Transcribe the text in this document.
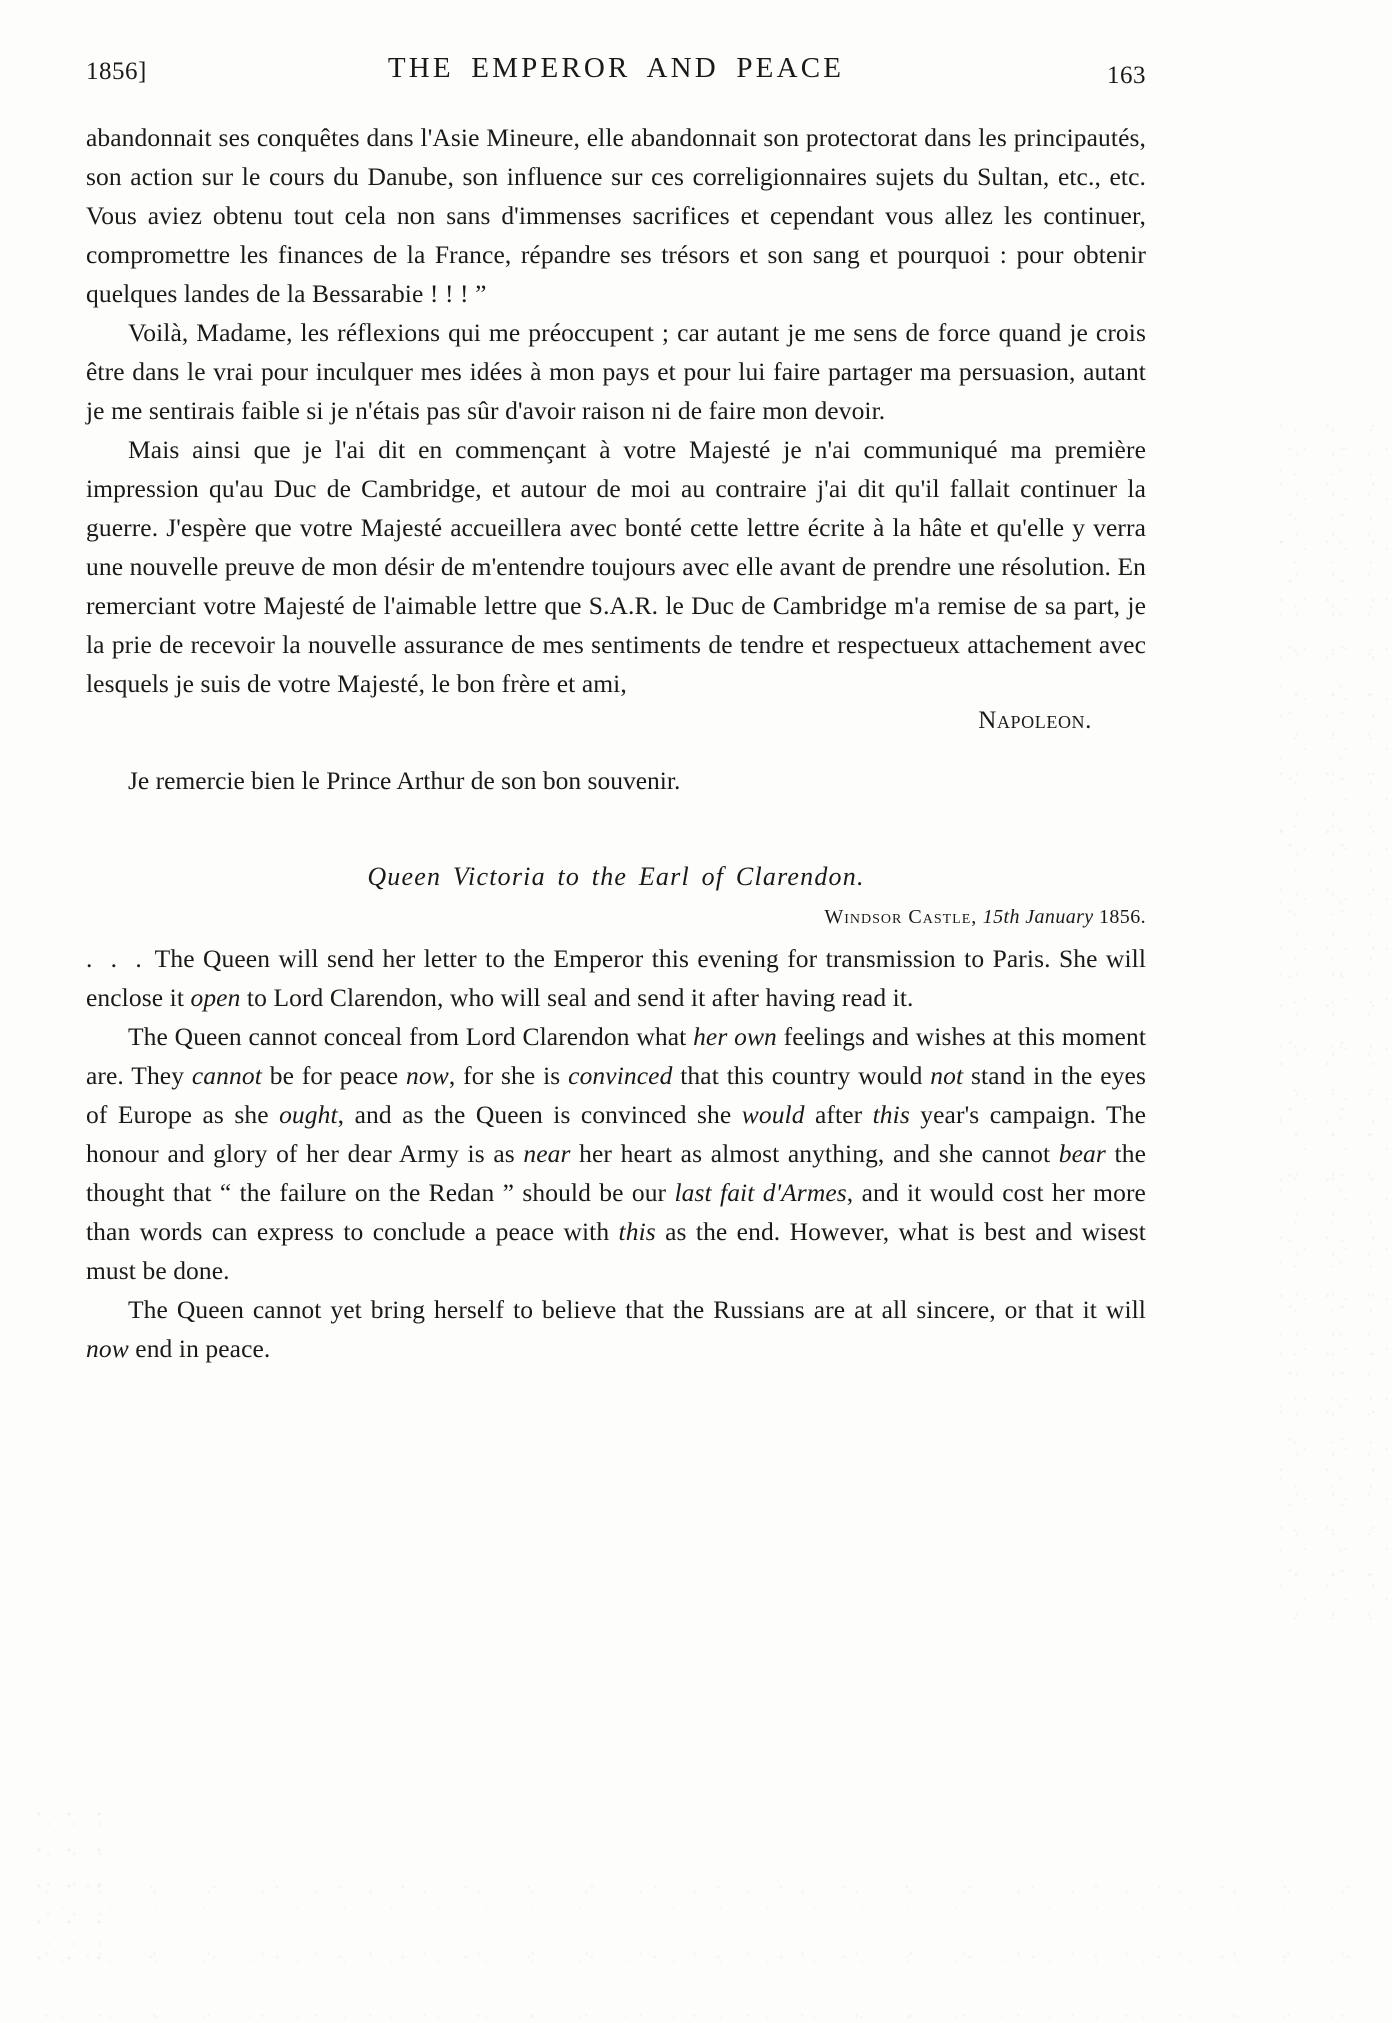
1856]	THE EMPEROR AND PEACE	163

abandonnait ses conquêtes dans l'Asie Mineure, elle abandonnait son protectorat dans les principautés, son action sur le cours du Danube, son influence sur ces correligionnaires sujets du Sultan, etc., etc. Vous aviez obtenu tout cela non sans d'immenses sacrifices et cependant vous allez les continuer, compromettre les finances de la France, répandre ses trésors et son sang et pourquoi : pour obtenir quelques landes de la Bessarabie ! ! ! ”

Voilà, Madame, les réflexions qui me préoccupent ; car autant je me sens de force quand je crois être dans le vrai pour inculquer mes idées à mon pays et pour lui faire partager ma persuasion, autant je me sentirais faible si je n'étais pas sûr d'avoir raison ni de faire mon devoir.

Mais ainsi que je l'ai dit en commençant à votre Majesté je n'ai communiqué ma première impression qu'au Duc de Cambridge, et autour de moi au contraire j'ai dit qu'il fallait continuer la guerre. J'espère que votre Majesté accueillera avec bonté cette lettre écrite à la hâte et qu'elle y verra une nouvelle preuve de mon désir de m'entendre toujours avec elle avant de prendre une résolution. En remerciant votre Majesté de l'aimable lettre que S.A.R. le Duc de Cambridge m'a remise de sa part, je la prie de recevoir la nouvelle assurance de mes sentiments de tendre et respectueux attachement avec lesquels je suis de votre Majesté, le bon frère et ami,

Napoleon.

Je remercie bien le Prince Arthur de son bon souvenir.

Queen Victoria to the Earl of Clarendon.

Windsor Castle, 15th January 1856.

. . . The Queen will send her letter to the Emperor this evening for transmission to Paris. She will enclose it open to Lord Clarendon, who will seal and send it after having read it.

The Queen cannot conceal from Lord Clarendon what her own feelings and wishes at this moment are. They cannot be for peace now, for she is convinced that this country would not stand in the eyes of Europe as she ought, and as the Queen is convinced she would after this year's campaign. The honour and glory of her dear Army is as near her heart as almost anything, and she cannot bear the thought that “ the failure on the Redan ” should be our last fait d'Armes, and it would cost her more than words can express to conclude a peace with this as the end. However, what is best and wisest must be done.

The Queen cannot yet bring herself to believe that the Russians are at all sincere, or that it will now end in peace.
